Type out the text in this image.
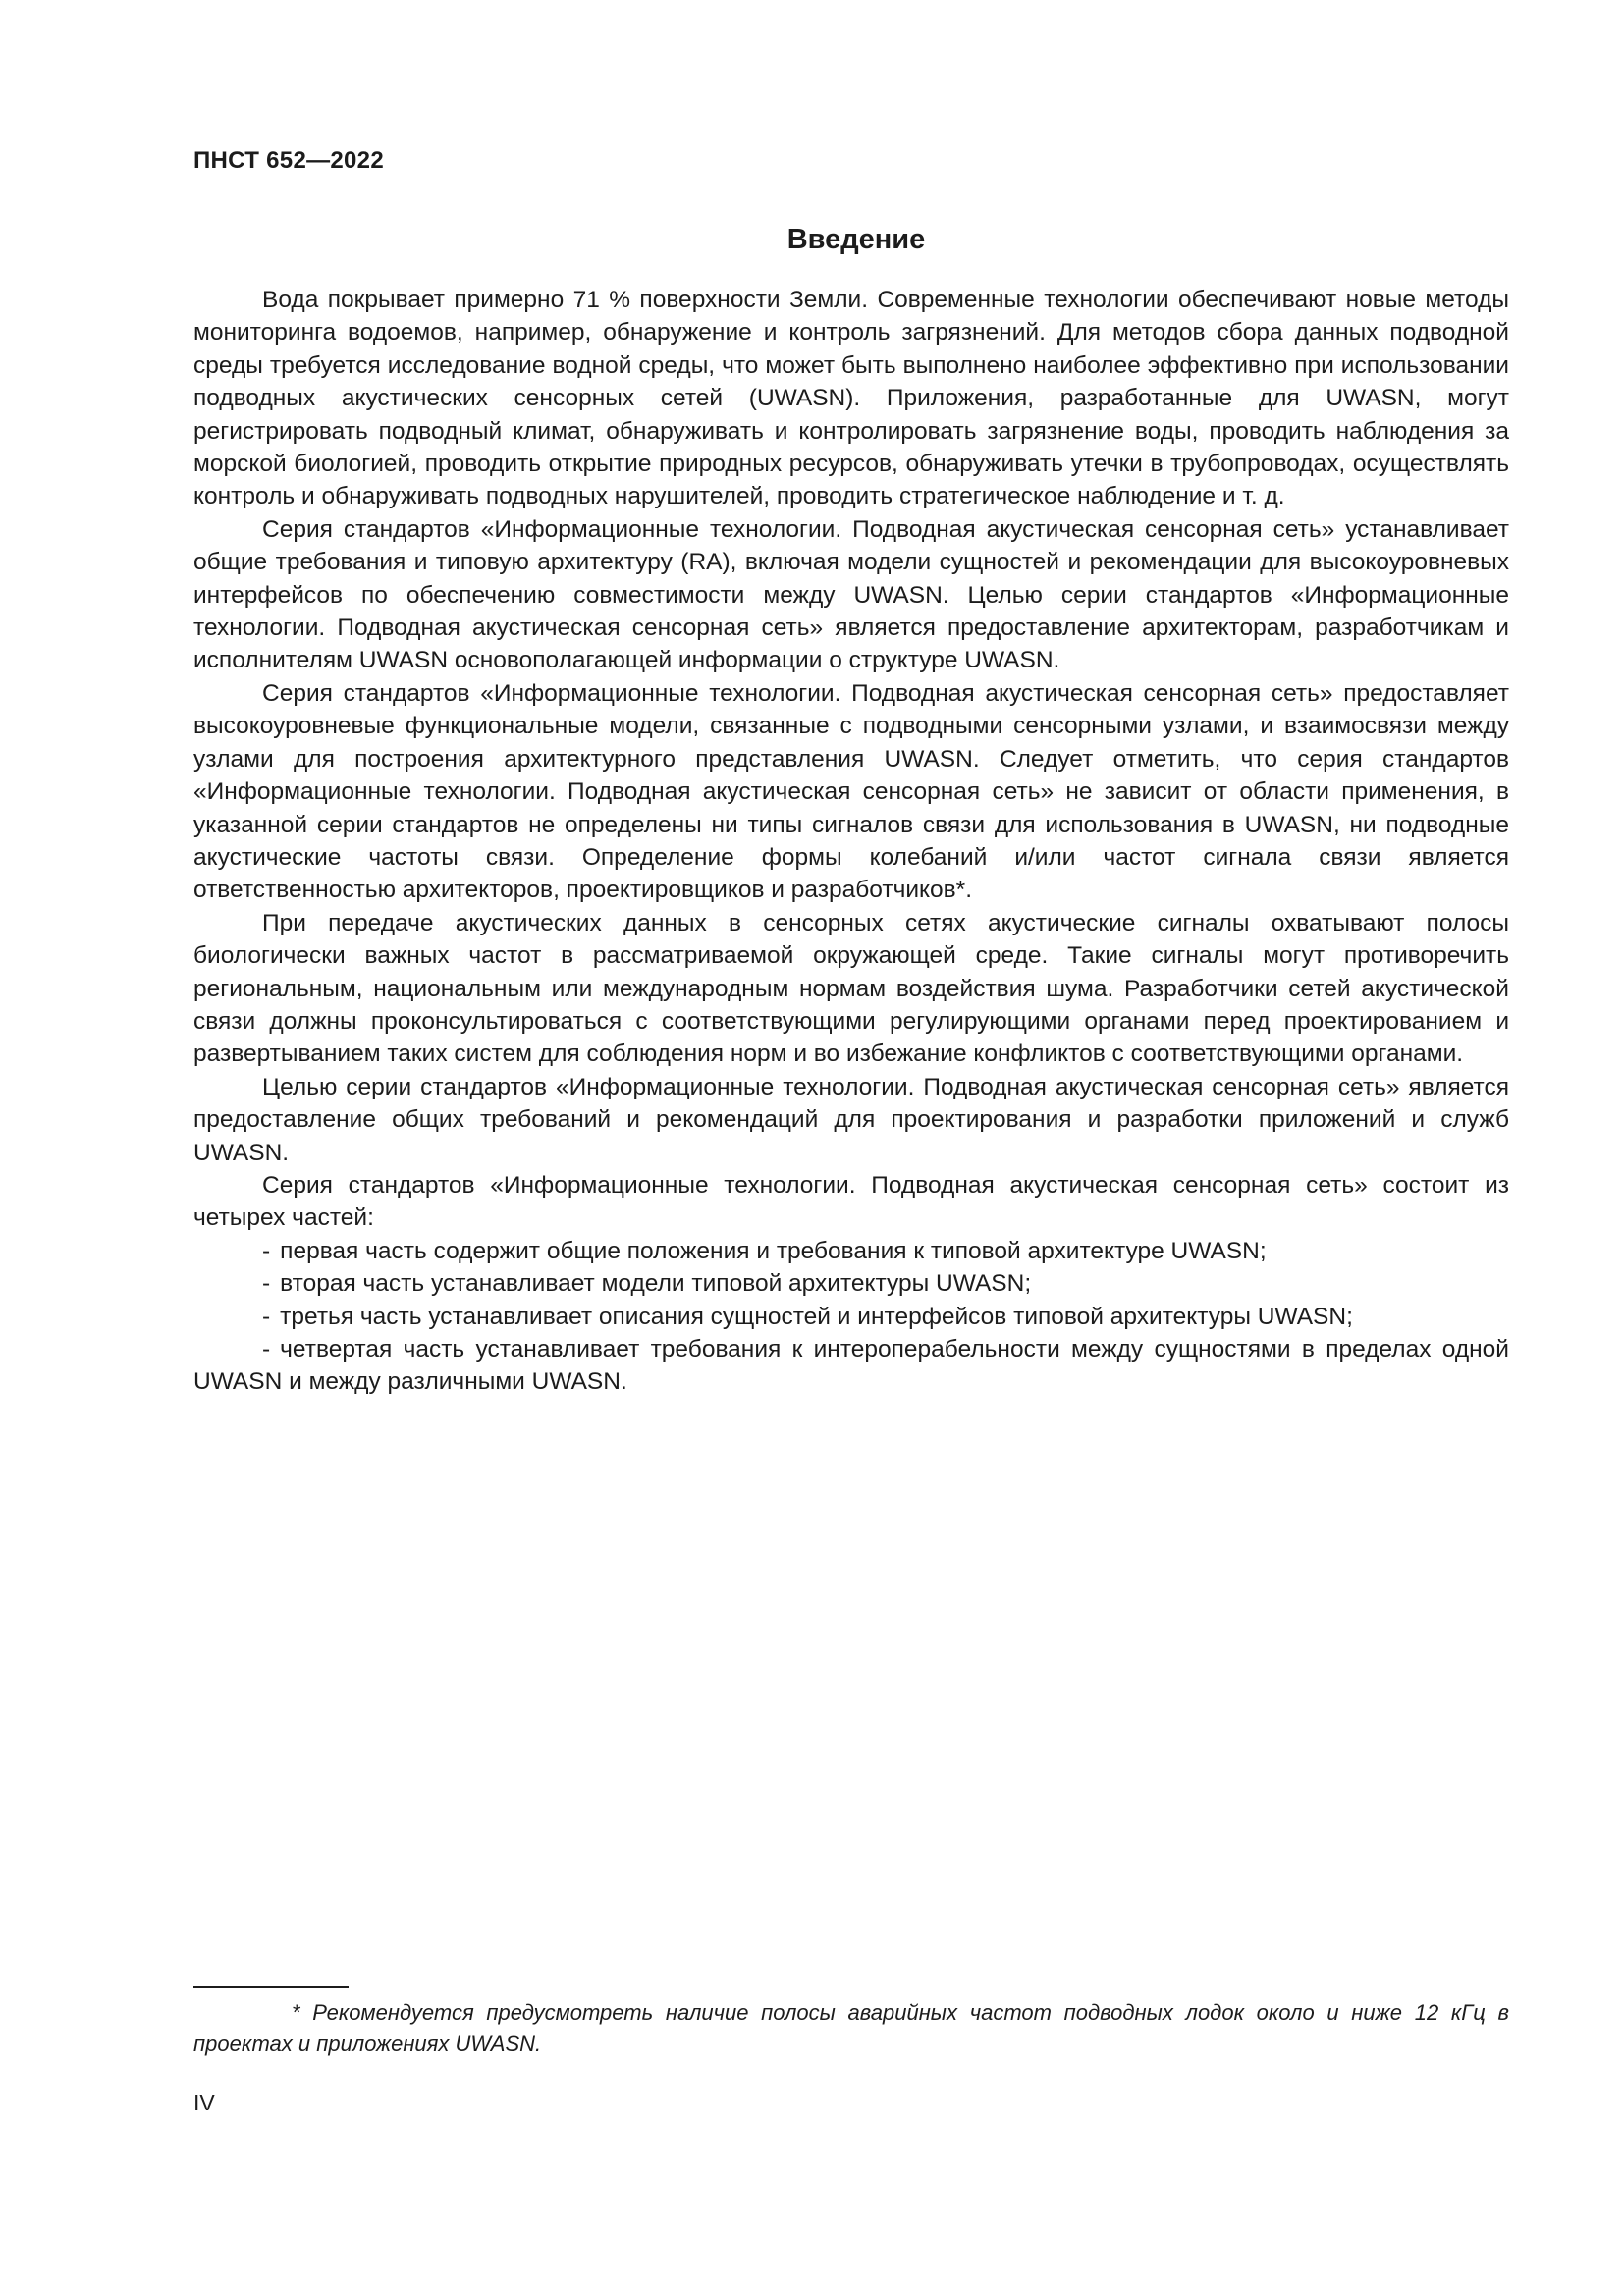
ПНСТ 652—2022
Введение

Вода покрывает примерно 71 % поверхности Земли. Современные технологии обеспечивают новые методы мониторинга водоемов, например, обнаружение и контроль загрязнений. Для методов сбора данных подводной среды требуется исследование водной среды, что может быть выполнено наиболее эффективно при использовании подводных акустических сенсорных сетей (UWASN). Приложения, разработанные для UWASN, могут регистрировать подводный климат, обнаруживать и контролировать загрязнение воды, проводить наблюдения за морской биологией, проводить открытие природных ресурсов, обнаруживать утечки в трубопроводах, осуществлять контроль и обнаруживать подводных нарушителей, проводить стратегическое наблюдение и т. д.

Серия стандартов «Информационные технологии. Подводная акустическая сенсорная сеть» устанавливает общие требования и типовую архитектуру (RA), включая модели сущностей и рекомендации для высокоуровневых интерфейсов по обеспечению совместимости между UWASN. Целью серии стандартов «Информационные технологии. Подводная акустическая сенсорная сеть» является предоставление архитекторам, разработчикам и исполнителям UWASN основополагающей информации о структуре UWASN.

Серия стандартов «Информационные технологии. Подводная акустическая сенсорная сеть» предоставляет высокоуровневые функциональные модели, связанные с подводными сенсорными узлами, и взаимосвязи между узлами для построения архитектурного представления UWASN. Следует отметить, что серия стандартов «Информационные технологии. Подводная акустическая сенсорная сеть» не зависит от области применения, в указанной серии стандартов не определены ни типы сигналов связи для использования в UWASN, ни подводные акустические частоты связи. Определение формы колебаний и/или частот сигнала связи является ответственностью архитекторов, проектировщиков и разработчиков*.

При передаче акустических данных в сенсорных сетях акустические сигналы охватывают полосы биологически важных частот в рассматриваемой окружающей среде. Такие сигналы могут противоречить региональным, национальным или международным нормам воздействия шума. Разработчики сетей акустической связи должны проконсультироваться с соответствующими регулирующими органами перед проектированием и развертыванием таких систем для соблюдения норм и во избежание конфликтов с соответствующими органами.

Целью серии стандартов «Информационные технологии. Подводная акустическая сенсорная сеть» является предоставление общих требований и рекомендаций для проектирования и разработки приложений и служб UWASN.

Серия стандартов «Информационные технологии. Подводная акустическая сенсорная сеть» состоит из четырех частей:

- первая часть содержит общие положения и требования к типовой архитектуре UWASN;
- вторая часть устанавливает модели типовой архитектуры UWASN;
- третья часть устанавливает описания сущностей и интерфейсов типовой архитектуры UWASN;
- четвертая часть устанавливает требования к интероперабельности между сущностями в пределах одной UWASN и между различными UWASN.

* Рекомендуется предусмотреть наличие полосы аварийных частот подводных лодок около и ниже 12 кГц в проектах и приложениях UWASN.

IV
